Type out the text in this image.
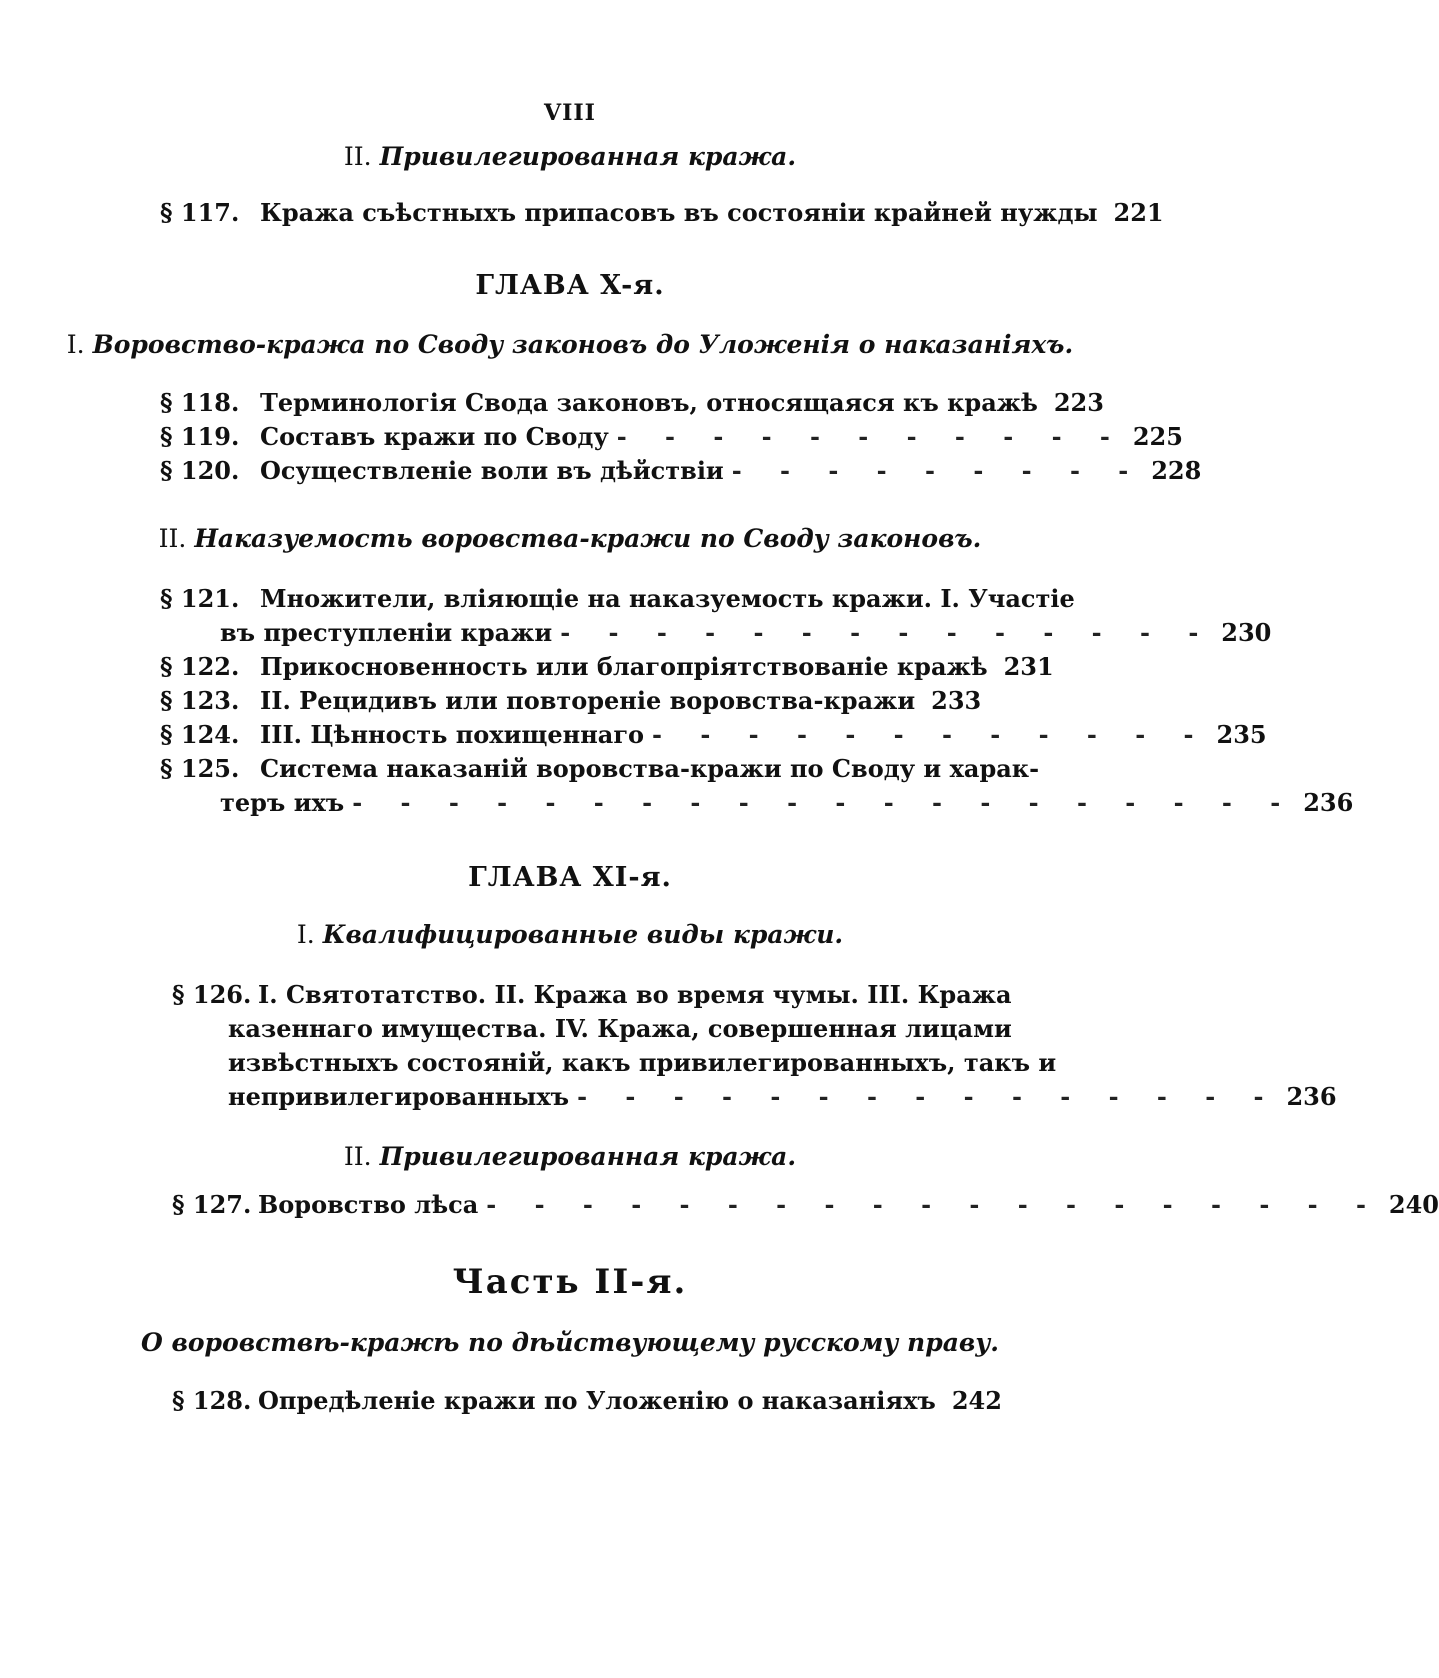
VIII
II. Привилегированная кража.
§ 117. Кража съѣстныхъ припасовъ въ состояніи крайней нужды 221
ГЛАВА X-я.
I. Воровство-кража по Своду законовъ до Уложенія о наказаніяхъ.
§ 118. Терминологія Свода законовъ, относящаяся къ кражѣ 223
§ 119. Составъ кражи по Своду - - - - - - - - - - - 225
§ 120. Осуществленіе воли въ дѣйствіи - - - - - - - - - 228
II. Наказуемость воровства-кражи по Своду законовъ.
§ 121. Множители, вліяющіе на наказуемость кражи. I. Участіе
въ преступленіи кражи - - - - - - - - - - - - - - 230
§ 122. Прикосновенность или благопріятствованіе кражѣ 231
§ 123. II. Рецидивъ или повтореніе воровства-кражи 233
§ 124. III. Цѣнность похищеннаго - - - - - - - - - - - - 235
§ 125. Система наказаній воровства-кражи по Своду и харак-
теръ ихъ - - - - - - - - - - - - - - - - - - - - 236
ГЛАВА XI-я.
I. Квалифицированные виды кражи.
§ 126. I. Святотатство. II. Кража во время чумы. III. Кража
казеннаго имущества. IV. Кража, совершенная лицами
извѣстныхъ состояній, какъ привилегированныхъ, такъ и
непривилегированныхъ - - - - - - - - - - - - - - - 236
II. Привилегированная кража.
§ 127. Воровство лѣса - - - - - - - - - - - - - - - - - - - 240
Часть II-я.
О воровствѣ-кражѣ по дѣйствующему русскому праву.
§ 128. Опредѣленіе кражи по Уложенію о наказаніяхъ 242
